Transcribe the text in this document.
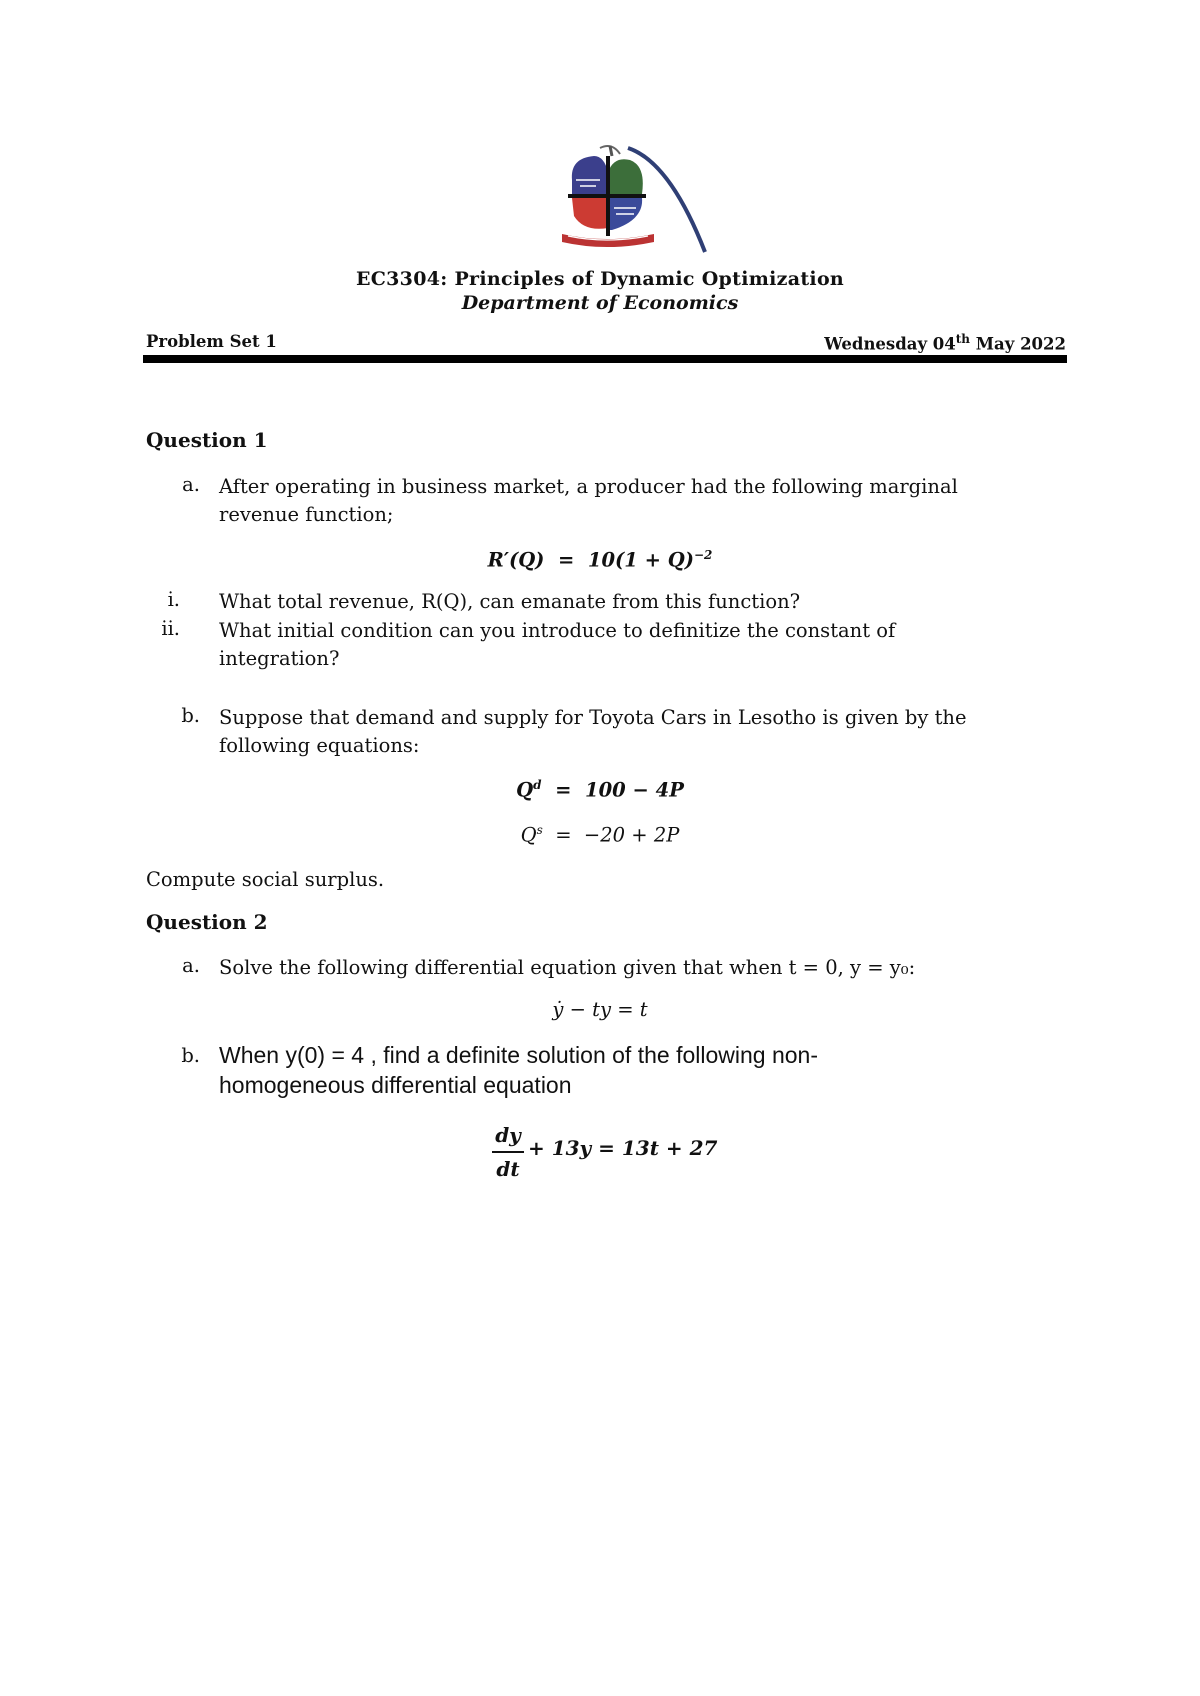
EC3304: Principles of Dynamic Optimization
Department of Economics
Problem Set 1	Wednesday 04th May 2022
Question 1
a. After operating in business market, a producer had the following marginal
revenue function;
$R'(Q) = 10(1 + Q)^{-2}$
i. What total revenue, R(Q), can emanate from this function?
ii. What initial condition can you introduce to definitize the constant of
integration?
b. Suppose that demand and supply for Toyota Cars in Lesotho is given by the
following equations:
$Q^d = 100 - 4P$
$Q^s = -20 + 2P$
Compute social surplus.
Question 2
a. Solve the following differential equation given that when t = 0, y = y₀:
ẏ − ty = t
b. When y(0) = 4 , find a definite solution of the following non-
homogeneous differential equation
dy
dt
+ 13y = 13t + 27
